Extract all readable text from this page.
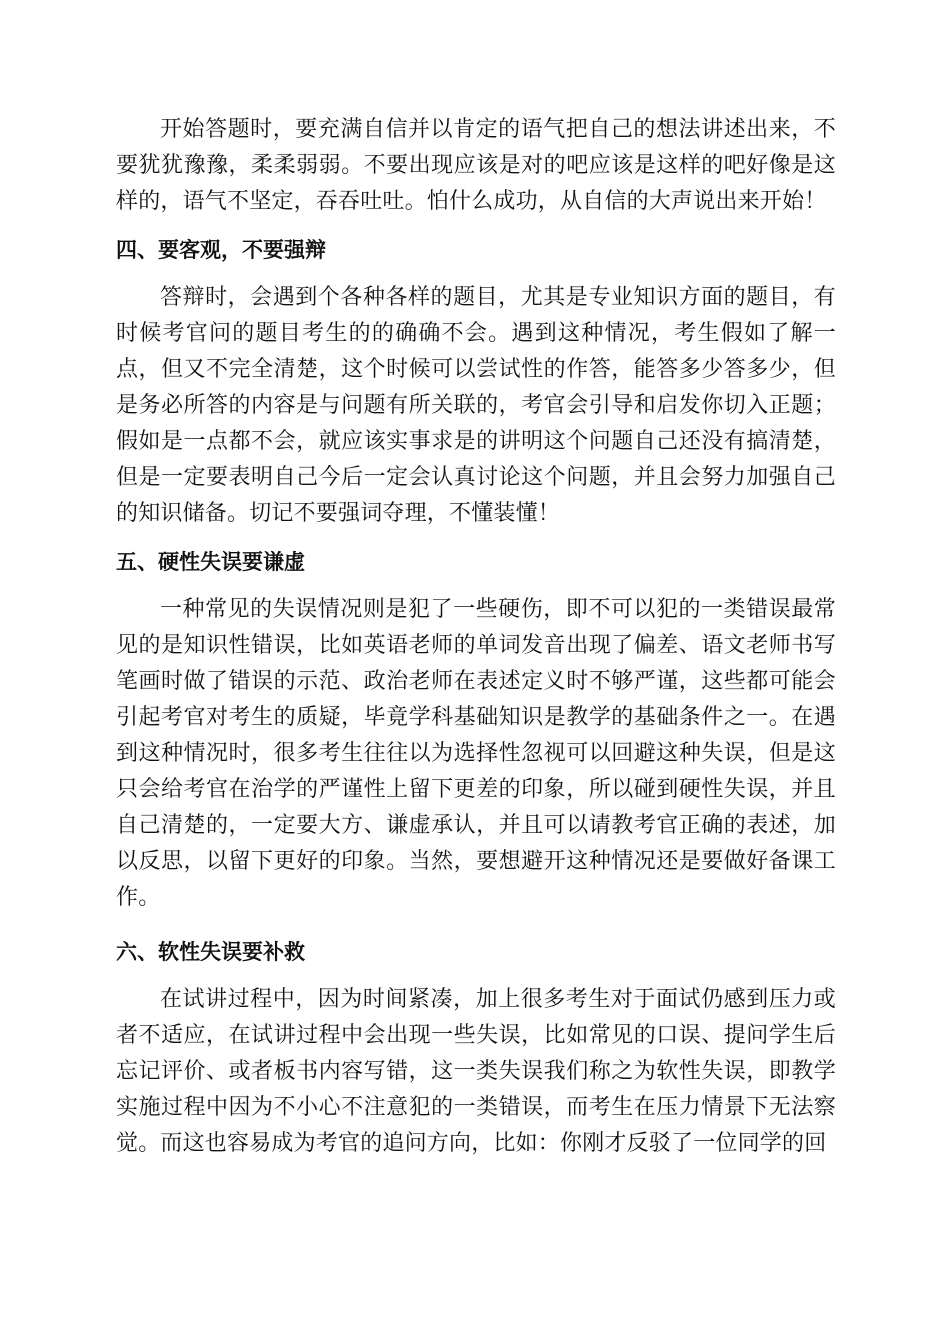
开始答题时，要充满自信并以肯定的语气把自己的想法讲述出来，不要犹犹豫豫，柔柔弱弱。不要出现应该是对的吧应该是这样的吧好像是这样的，语气不坚定，吞吞吐吐。怕什么成功，从自信的大声说出来开始！

四、要客观，不要强辩

答辩时，会遇到个各种各样的题目，尤其是专业知识方面的题目，有时候考官问的题目考生的的确确不会。遇到这种情况，考生假如了解一点，但又不完全清楚，这个时候可以尝试性的作答，能答多少答多少，但是务必所答的内容是与问题有所关联的，考官会引导和启发你切入正题；假如是一点都不会，就应该实事求是的讲明这个问题自己还没有搞清楚，但是一定要表明自己今后一定会认真讨论这个问题，并且会努力加强自己的知识储备。切记不要强词夺理，不懂装懂！

五、硬性失误要谦虚

一种常见的失误情况则是犯了一些硬伤，即不可以犯的一类错误最常见的是知识性错误，比如英语老师的单词发音出现了偏差、语文老师书写笔画时做了错误的示范、政治老师在表述定义时不够严谨，这些都可能会引起考官对考生的质疑，毕竟学科基础知识是教学的基础条件之一。在遇到这种情况时，很多考生往往以为选择性忽视可以回避这种失误，但是这只会给考官在治学的严谨性上留下更差的印象，所以碰到硬性失误，并且自己清楚的，一定要大方、谦虚承认，并且可以请教考官正确的表述，加以反思，以留下更好的印象。当然，要想避开这种情况还是要做好备课工作。

六、软性失误要补救

在试讲过程中，因为时间紧凑，加上很多考生对于面试仍感到压力或者不适应，在试讲过程中会出现一些失误，比如常见的口误、提问学生后忘记评价、或者板书内容写错，这一类失误我们称之为软性失误，即教学实施过程中因为不小心不注意犯的一类错误，而考生在压力情景下无法察觉。而这也容易成为考官的追问方向，比如：你刚才反驳了一位同学的回
